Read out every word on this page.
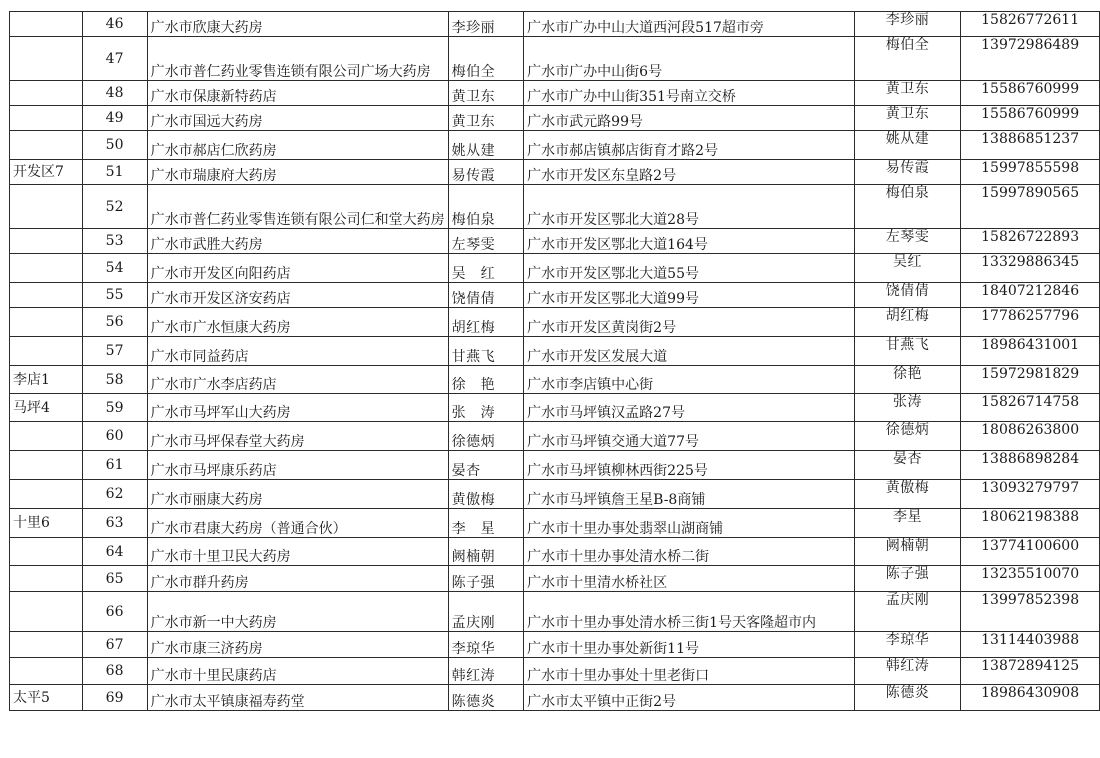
	46	广水市欣康大药房	李珍丽	广水市广办中山大道西河段517超市旁	李珍丽	15826772611
	47	广水市普仁药业零售连锁有限公司广场大药房	梅伯全	广水市广办中山街6号	梅伯全	13972986489
	48	广水市保康新特药店	黄卫东	广水市广办中山街351号南立交桥	黄卫东	15586760999
	49	广水市国远大药房	黄卫东	广水市武元路99号	黄卫东	15586760999
	50	广水市郝店仁欣药房	姚从建	广水市郝店镇郝店街育才路2号	姚从建	13886851237
开发区7	51	广水市瑞康府大药房	易传霞	广水市开发区东皇路2号	易传霞	15997855598
	52	广水市普仁药业零售连锁有限公司仁和堂大药房	梅伯泉	广水市开发区鄂北大道28号	梅伯泉	15997890565
	53	广水市武胜大药房	左琴雯	广水市开发区鄂北大道164号	左琴雯	15826722893
	54	广水市开发区向阳药店	吴　红	广水市开发区鄂北大道55号	吴红	13329886345
	55	广水市开发区济安药店	饶倩倩	广水市开发区鄂北大道99号	饶倩倩	18407212846
	56	广水市广水恒康大药房	胡红梅	广水市开发区黄岗街2号	胡红梅	17786257796
	57	广水市同益药店	甘燕飞	广水市开发区发展大道	甘燕飞	18986431001
李店1	58	广水市广水李店药店	徐　艳	广水市李店镇中心街	徐艳	15972981829
马坪4	59	广水市马坪军山大药房	张　涛	广水市马坪镇汉孟路27号	张涛	15826714758
	60	广水市马坪保春堂大药房	徐德炳	广水市马坪镇交通大道77号	徐德炳	18086263800
	61	广水市马坪康乐药店	晏杏	广水市马坪镇柳林西街225号	晏杏	13886898284
	62	广水市丽康大药房	黄傲梅	广水市马坪镇詹王星B-8商铺	黄傲梅	13093279797
十里6	63	广水市君康大药房（普通合伙）	李　星	广水市十里办事处翡翠山湖商铺	李星	18062198388
	64	广水市十里卫民大药房	阙楠朝	广水市十里办事处清水桥二街	阙楠朝	13774100600
	65	广水市群升药房	陈子强	广水市十里清水桥社区	陈子强	13235510070
	66	广水市新一中大药房	孟庆刚	广水市十里办事处清水桥三街1号天客隆超市内	孟庆刚	13997852398
	67	广水市康三济药房	李琼华	广水市十里办事处新街11号	李琼华	13114403988
	68	广水市十里民康药店	韩红涛	广水市十里办事处十里老街口	韩红涛	13872894125
太平5	69	广水市太平镇康福寿药堂	陈德炎	广水市太平镇中正街2号	陈德炎	18986430908
